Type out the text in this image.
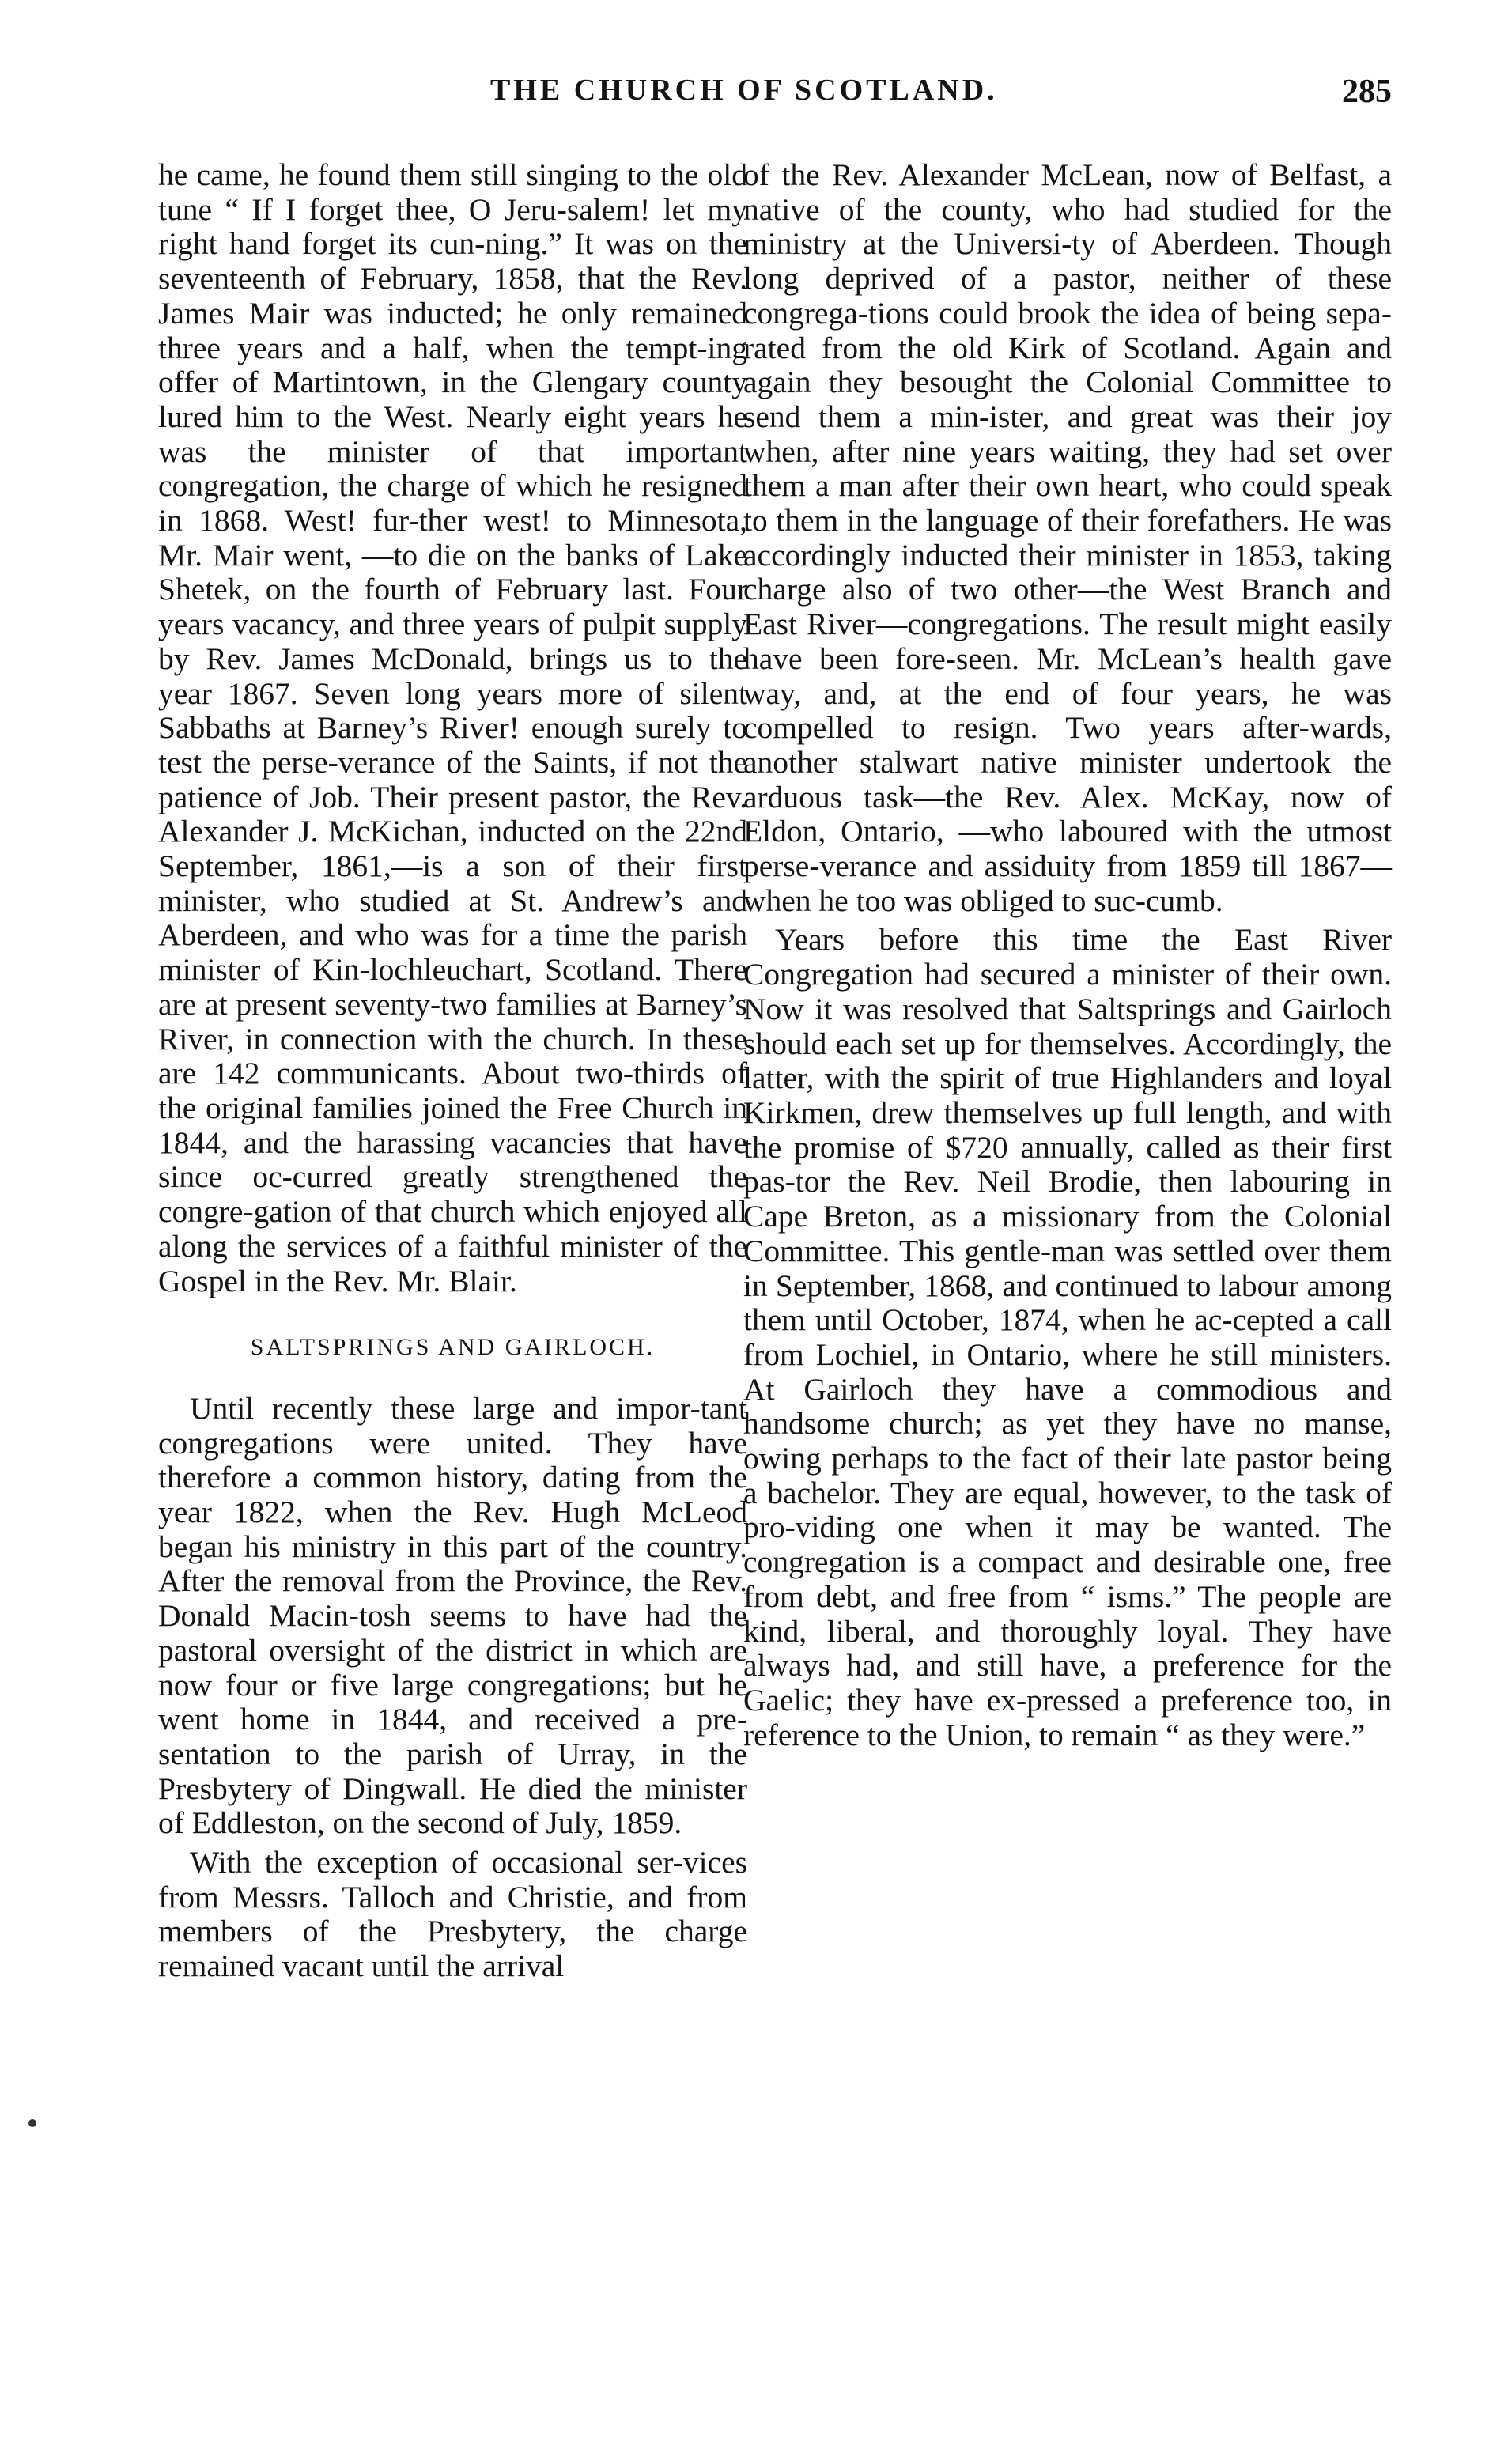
THE CHURCH OF SCOTLAND.	285

he came, he found them still singing to the old tune “ If I forget thee, O Jeru-salem! let my right hand forget its cun-ning.” It was on the seventeenth of February, 1858, that the Rev. James Mair was inducted; he only remained three years and a half, when the tempt-ing offer of Martintown, in the Glengary county lured him to the West. Nearly eight years he was the minister of that important congregation, the charge of which he resigned in 1868. West! fur-ther west! to Minnesota, Mr. Mair went, —to die on the banks of Lake Shetek, on the fourth of February last. Four years vacancy, and three years of pulpit supply by Rev. James McDonald, brings us to the year 1867. Seven long years more of silent Sabbaths at Barney’s River! enough surely to test the perse-verance of the Saints, if not the patience of Job. Their present pastor, the Rev. Alexander J. McKichan, inducted on the 22nd September, 1861,—is a son of their first minister, who studied at St. Andrew’s and Aberdeen, and who was for a time the parish minister of Kin-lochleuchart, Scotland. There are at present seventy-two families at Barney’s River, in connection with the church. In these are 142 communicants. About two-thirds of the original families joined the Free Church in 1844, and the harassing vacancies that have since oc-curred greatly strengthened the congre-gation of that church which enjoyed all along the services of a faithful minister of the Gospel in the Rev. Mr. Blair.

SALTSPRINGS AND GAIRLOCH.

Until recently these large and impor-tant congregations were united. They have therefore a common history, dating from the year 1822, when the Rev. Hugh McLeod began his ministry in this part of the country. After the removal from the Province, the Rev. Donald Macin-tosh seems to have had the pastoral oversight of the district in which are now four or five large congregations; but he went home in 1844, and received a pre-sentation to the parish of Urray, in the Presbytery of Dingwall. He died the minister of Eddleston, on the second of July, 1859.

With the exception of occasional ser-vices from Messrs. Talloch and Christie, and from members of the Presbytery, the charge remained vacant until the arrival

of the Rev. Alexander McLean, now of Belfast, a native of the county, who had studied for the ministry at the Universi-ty of Aberdeen. Though long deprived of a pastor, neither of these congrega-tions could brook the idea of being sepa-rated from the old Kirk of Scotland. Again and again they besought the Colonial Committee to send them a min-ister, and great was their joy when, after nine years waiting, they had set over them a man after their own heart, who could speak to them in the language of their forefathers. He was accordingly inducted their minister in 1853, taking charge also of two other—the West Branch and East River—congregations. The result might easily have been fore-seen. Mr. McLean’s health gave way, and, at the end of four years, he was compelled to resign. Two years after-wards, another stalwart native minister undertook the arduous task—the Rev. Alex. McKay, now of Eldon, Ontario, —who laboured with the utmost perse-verance and assiduity from 1859 till 1867—when he too was obliged to suc-cumb.

Years before this time the East River Congregation had secured a minister of their own. Now it was resolved that Saltsprings and Gairloch should each set up for themselves. Accordingly, the latter, with the spirit of true Highlanders and loyal Kirkmen, drew themselves up full length, and with the promise of $720 annually, called as their first pas-tor the Rev. Neil Brodie, then labouring in Cape Breton, as a missionary from the Colonial Committee. This gentle-man was settled over them in September, 1868, and continued to labour among them until October, 1874, when he ac-cepted a call from Lochiel, in Ontario, where he still ministers. At Gairloch they have a commodious and handsome church; as yet they have no manse, owing perhaps to the fact of their late pastor being a bachelor. They are equal, however, to the task of pro-viding one when it may be wanted. The congregation is a compact and desirable one, free from debt, and free from “ isms.” The people are kind, liberal, and thoroughly loyal. They have always had, and still have, a preference for the Gaelic; they have ex-pressed a preference too, in reference to the Union, to remain “ as they were.”
